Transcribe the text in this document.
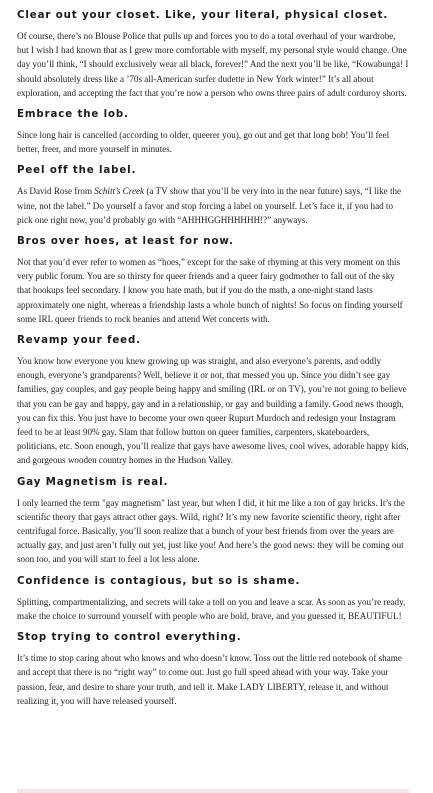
Clear out your closet. Like, your literal, physical closet.

Of course, there’s no Blouse Police that pulls up and forces you to do a total overhaul of your wardrobe, but I wish I had known that as I grew more comfortable with myself, my personal style would change. One day you’ll think, “I should exclusively wear all black, forever!” And the next you’ll be like, “Kowabunga! I should absolutely dress like a ’70s all-American surfer dudette in New York winter!” It’s all about exploration, and accepting the fact that you’re now a person who owns three pairs of adult corduroy shorts.

Embrace the lob.

Since long hair is cancelled (according to older, queerer you), go out and get that long bob! You’ll feel better, freer, and more yourself in minutes.

Peel off the label.

As David Rose from Schitt’s Creek (a TV show that you’ll be very into in the near future) says, “I like the wine, not the label.” Do yourself a favor and stop forcing a label on yourself. Let’s face it, if you had to pick one right now, you’d probably go with “AHHHGGHHHHHH!?” anyways.

Bros over hoes, at least for now.

Not that you’d ever refer to women as “hoes,” except for the sake of rhyming at this very moment on this very public forum. You are so thirsty for queer friends and a queer fairy godmother to fall out of the sky that hookups feel secondary. I know you hate math, but if you do the math, a one-night stand lasts approximately one night, whereas a friendship lasts a whole bunch of nights! So focus on finding yourself some IRL queer friends to rock beanies and attend Wet concerts with.

Revamp your feed.

You know how everyone you knew growing up was straight, and also everyone’s parents, and oddly enough, everyone’s grandparents? Well, believe it or not, that messed you up. Since you didn’t see gay families, gay couples, and gay people being happy and smiling (IRL or on TV), you’re not going to believe that you can be gay and happy, gay and in a relationship, or gay and building a family. Good news though, you can fix this. You just have to become your own queer Rupurt Murdoch and redesign your Instagram feed to be at least 90% gay. Slam that follow button on queer families, carpenters, skateboarders, politicians, etc. Soon enough, you’ll realize that gays have awesome lives, cool wives, adorable happy kids, and gorgeous wooden country homes in the Hudson Valley.

Gay Magnetism is real.

I only learned the term "gay magnetism" last year, but when I did, it hit me like a ton of gay bricks. It’s the scientific theory that gays attract other gays. Wild, right? It’s my new favorite scientific theory, right after centrifugal force. Basically, you’ll soon realize that a bunch of your best friends from over the years are actually gay, and just aren’t fully out yet, just like you! And here’s the good news: they will be coming out soon too, and you will start to feel a lot less alone.

Confidence is contagious, but so is shame.

Splitting, compartmentalizing, and secrets will take a toll on you and leave a scar. As soon as you’re ready, make the choice to surround yourself with people who are bold, brave, and you guessed it, BEAUTIFUL!

Stop trying to control everything.

It’s time to stop caring about who knows and who doesn’t know. Toss out the little red notebook of shame and accept that there is no “right way” to come out. Just go full speed ahead with your way. Take your passion, fear, and desire to share your truth, and tell it. Make LADY LIBERTY, release it, and without realizing it, you will have released yourself.
